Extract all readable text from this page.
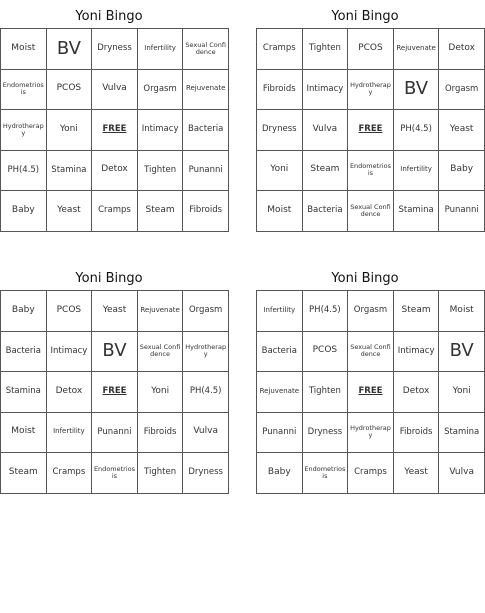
Yoni Bingo
Moist	BV	Dryness	Infertility	Sexual Confidence
Endometriosis	PCOS	Vulva	Orgasm	Rejuvenate
Hydrotherapy	Yoni	FREE	Intimacy	Bacteria
PH(4.5)	Stamina	Detox	Tighten	Punanni
Baby	Yeast	Cramps	Steam	Fibroids
Yoni Bingo
Cramps	Tighten	PCOS	Rejuvenate	Detox
Fibroids	Intimacy	Hydrotherapy	BV	Orgasm
Dryness	Vulva	FREE	PH(4.5)	Yeast
Yoni	Steam	Endometriosis	Infertility	Baby
Moist	Bacteria	Sexual Confidence	Stamina	Punanni
Yoni Bingo
Baby	PCOS	Yeast	Rejuvenate	Orgasm
Bacteria	Intimacy	BV	Sexual Confidence	Hydrotherapy
Stamina	Detox	FREE	Yoni	PH(4.5)
Moist	Infertility	Punanni	Fibroids	Vulva
Steam	Cramps	Endometriosis	Tighten	Dryness
Yoni Bingo
Infertility	PH(4.5)	Orgasm	Steam	Moist
Bacteria	PCOS	Sexual Confidence	Intimacy	BV
Rejuvenate	Tighten	FREE	Detox	Yoni
Punanni	Dryness	Hydrotherapy	Fibroids	Stamina
Baby	Endometriosis	Cramps	Yeast	Vulva
